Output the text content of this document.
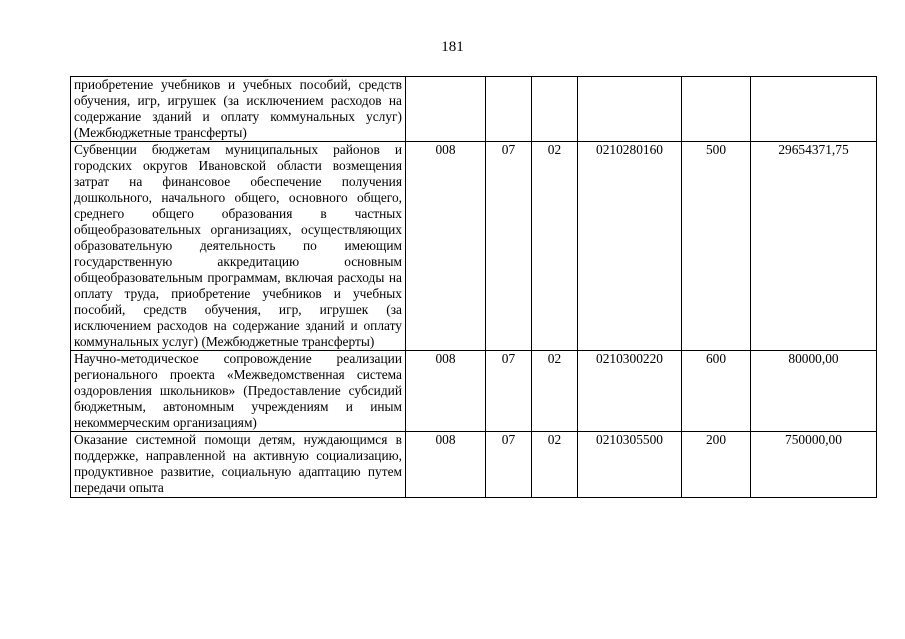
181
приобретение учебников и учебных пособий, средств обучения, игр, игрушек (за исключением расходов на содержание зданий и оплату коммунальных услуг) (Межбюджетные трансферты)						
Субвенции бюджетам муниципальных районов и городских округов Ивановской области возмещения затрат на финансовое обеспечение получения дошкольного, начального общего, основного общего, среднего общего образования в частных общеобразовательных организациях, осуществляющих образовательную деятельность по имеющим государственную аккредитацию основным общеобразовательным программам, включая расходы на оплату труда, приобретение учебников и учебных пособий, средств обучения, игр, игрушек (за исключением расходов на содержание зданий и оплату коммунальных услуг) (Межбюджетные трансферты)	008	07	02	0210280160	500	29654371,75
Научно-методическое сопровождение реализации регионального проекта «Межведомственная система оздоровления школьников» (Предоставление субсидий бюджетным, автономным учреждениям и иным некоммерческим организациям)	008	07	02	0210300220	600	80000,00
Оказание системной помощи детям, нуждающимся в поддержке, направленной на активную социализацию, продуктивное развитие, социальную адаптацию путем передачи опыта	008	07	02	0210305500	200	750000,00
